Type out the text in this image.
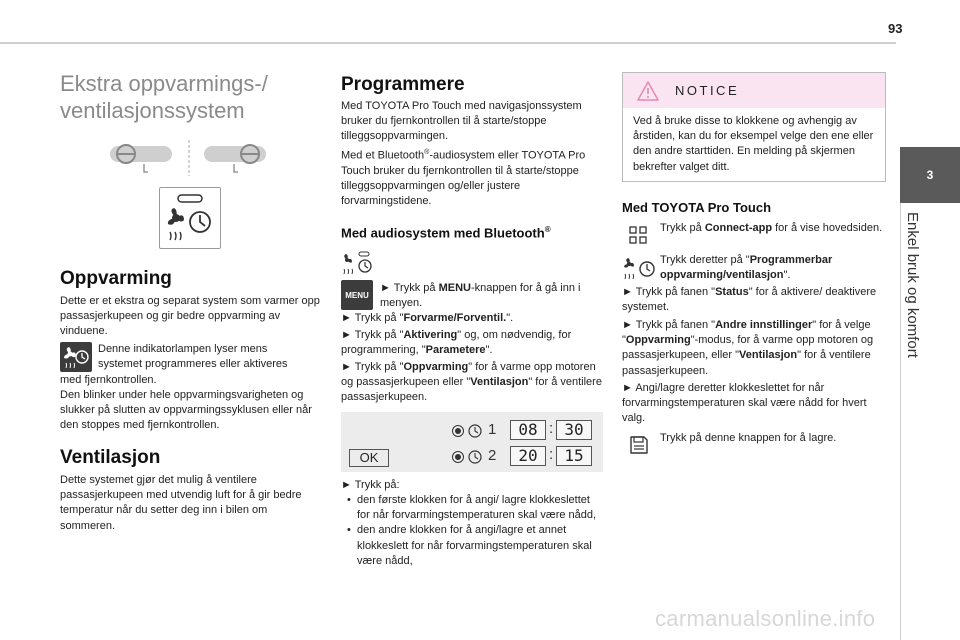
93
3
Enkel bruk og komfort
Ekstra oppvarmings-/ ventilasjonssystem
Oppvarming
Dette er et ekstra og separat system som varmer opp passasjerkupeen og gir bedre oppvarming av vinduene.
Denne indikatorlampen lyser mens
systemet programmeres eller aktiveres
med fjernkontrollen.
Den blinker under hele oppvarmingsvarigheten og slukker på slutten av oppvarmingssyklusen eller når den stoppes med fjernkontrollen.
Ventilasjon
Dette systemet gjør det mulig å ventilere passasjerkupeen med utvendig luft for å gir bedre temperatur når du setter deg inn i bilen om sommeren.
Programmere
Med TOYOTA Pro Touch med navigasjonssystem bruker du fjernkontrollen til å starte/stoppe tilleggsoppvarmingen.
Med et Bluetooth®-audiosystem eller TOYOTA Pro Touch bruker du fjernkontrollen til å starte/stoppe tilleggsoppvarmingen og/eller justere forvarmingstidene.
Med audiosystem med Bluetooth®
MENU
► Trykk på MENU-knappen for å gå inn i menyen.
► Trykk på "Forvarme/Forventil.".
► Trykk på "Aktivering" og, om nødvendig, for programmering, "Parametere".
► Trykk på "Oppvarming" for å varme opp motoren og passasjerkupeen eller "Ventilasjon" for å ventilere passasjerkupeen.
1	08 : 30
OK	2	20 : 15
► Trykk på:
• den første klokken for å angi/ lagre klokkeslettet for når forvarmingstemperaturen skal være nådd,
• den andre klokken for å angi/lagre et annet klokkeslett for når forvarmingstemperaturen skal være nådd,
NOTICE
Ved å bruke disse to klokkene og avhengig av årstiden, kan du for eksempel velge den ene eller den andre starttiden. En melding på skjermen bekrefter valget ditt.
Med TOYOTA Pro Touch
Trykk på Connect-app for å vise hovedsiden.
Trykk deretter på "Programmerbar oppvarming/ventilasjon".
► Trykk på fanen "Status" for å aktivere/ deaktivere systemet.
► Trykk på fanen "Andre innstillinger" for å velge "Oppvarming"-modus, for å varme opp motoren og passasjerkupeen, eller "Ventilasjon" for å ventilere passasjerkupeen.
► Angi/lagre deretter klokkeslettet for når forvarmingstemperaturen skal være nådd for hvert valg.
Trykk på denne knappen for å lagre.
carmanualsonline.info
